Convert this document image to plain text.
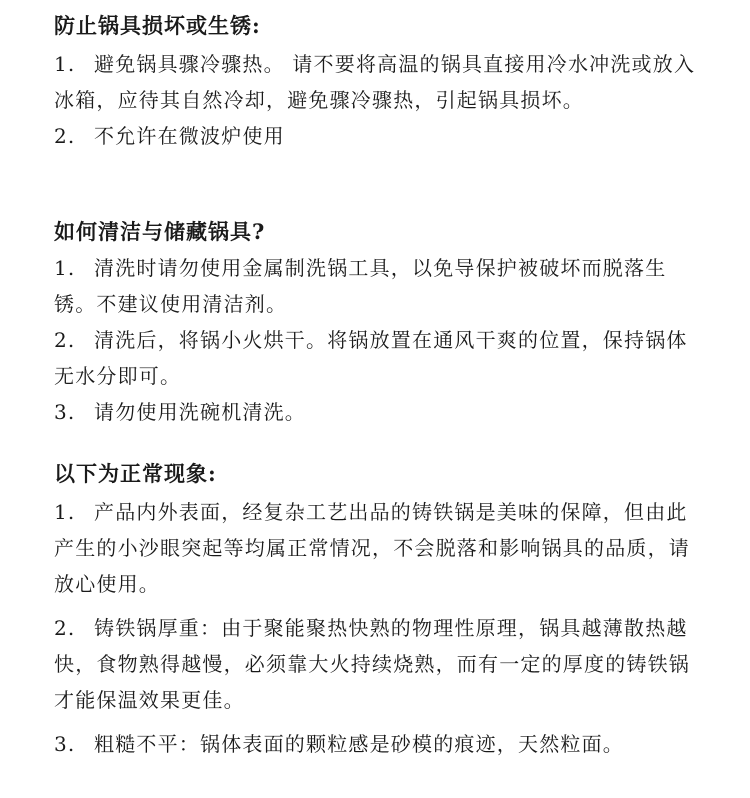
防止锅具损坏或生锈:

1. 避免锅具骤冷骤热。 请不要将高温的锅具直接用冷水冲洗或放入冰箱，应待其自然冷却，避免骤冷骤热，引起锅具损坏。

2. 不允许在微波炉使用

如何清洁与储藏锅具?

1. 清洗时请勿使用金属制洗锅工具，以免导保护被破坏而脱落生锈。不建议使用清洁剂。

2. 清洗后，将锅小火烘干。将锅放置在通风干爽的位置，保持锅体无水分即可。

3. 请勿使用洗碗机清洗。

以下为正常现象:

1. 产品内外表面，经复杂工艺出品的铸铁锅是美味的保障，但由此产生的小沙眼突起等均属正常情况，不会脱落和影响锅具的品质，请放心使用。

2. 铸铁锅厚重：由于聚能聚热快熟的物理性原理，锅具越薄散热越快，食物熟得越慢，必须靠大火持续烧熟，而有一定的厚度的铸铁锅才能保温效果更佳。

3. 粗糙不平：锅体表面的颗粒感是砂模的痕迹，天然粒面。
